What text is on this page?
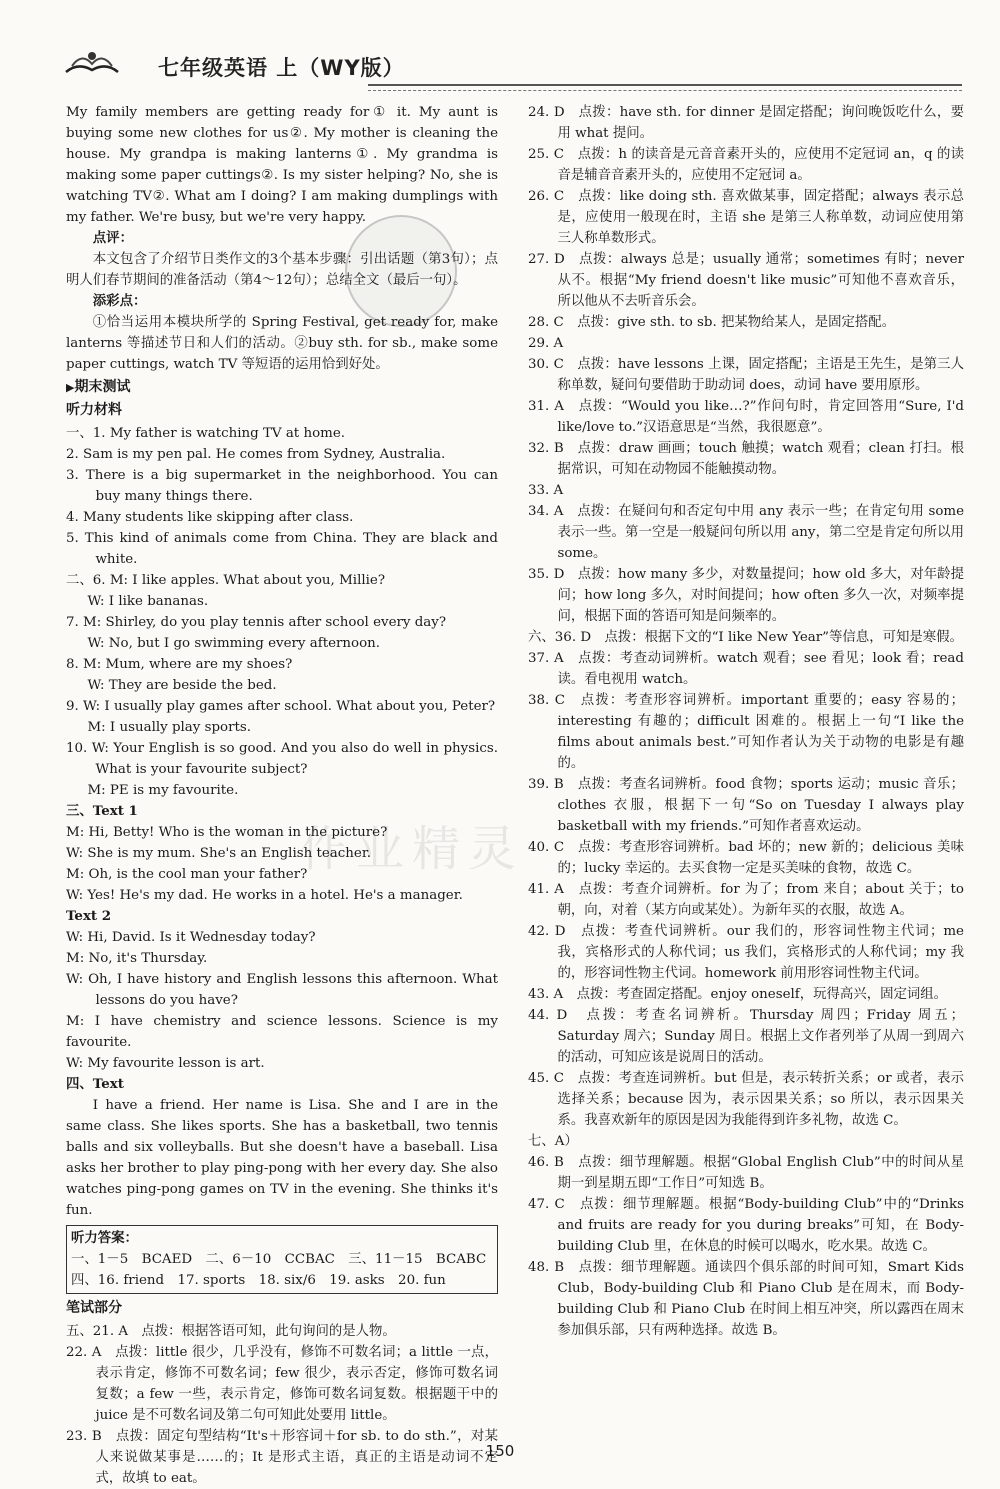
七年级英语 上（WY版）
作业精灵

My family members are getting ready for① it. My aunt is buying some new clothes for us②. My mother is cleaning the house. My grandpa is making lanterns①. My grandma is making some paper cuttings②. Is my sister helping? No, she is watching TV②. What am I doing? I am making dumplings with my father. We're busy, but we're very happy.

点评：

本文包含了介绍节日类作文的3个基本步骤：引出话题（第3句）；点明人们春节期间的准备活动（第4～12句）；总结全文（最后一句）。

添彩点：

①恰当运用本模块所学的 Spring Festival, get ready for, make lanterns 等描述节日和人们的活动。②buy sth. for sb., make some paper cuttings, watch TV 等短语的运用恰到好处。

▶期末测试
听力材料

一、1. My father is watching TV at home.

2. Sam is my pen pal. He comes from Sydney, Australia.

3. There is a big supermarket in the neighborhood. You can buy many things there.

4. Many students like skipping after class.

5. This kind of animals come from China. They are black and white.

二、6. M: I like apples. What about you, Millie?

W: I like bananas.

7. M: Shirley, do you play tennis after school every day?

W: No, but I go swimming every afternoon.

8. M: Mum, where are my shoes?

W: They are beside the bed.

9. W: I usually play games after school. What about you, Peter?

M: I usually play sports.

10. W: Your English is so good. And you also do well in physics. What is your favourite subject?

M: PE is my favourite.

三、Text 1

M: Hi, Betty! Who is the woman in the picture?

W: She is my mum. She's an English teacher.

M: Oh, is the cool man your father?

W: Yes! He's my dad. He works in a hotel. He's a manager.

Text 2

W: Hi, David. Is it Wednesday today?

M: No, it's Thursday.

W: Oh, I have history and English lessons this afternoon. What lessons do you have?

M: I have chemistry and science lessons. Science is my favourite.

W: My favourite lesson is art.

四、Text

I have a friend. Her name is Lisa. She and I are in the same class. She likes sports. She has a basketball, two tennis balls and six volleyballs. But she doesn't have a baseball. Lisa asks her brother to play ping-pong with her every day. She also watches ping-pong games on TV in the evening. She thinks it's fun.

听力答案：
一、1－5　BCAED　二、6－10　CCBAC　三、11－15　BCABC
四、16. friend　17. sports　18. six/6　19. asks　20. fun
笔试部分

五、21. A　点拨：根据答语可知，此句询问的是人物。

22. A　点拨：little 很少，几乎没有，修饰不可数名词；a little 一点，表示肯定，修饰不可数名词；few 很少，表示否定，修饰可数名词复数；a few 一些，表示肯定，修饰可数名词复数。根据题干中的 juice 是不可数名词及第二句可知此处要用 little。

23. B　点拨：固定句型结构“It's＋形容词＋for sb. to do sth.”，对某人来说做某事是……的；It 是形式主语，真正的主语是动词不定式，故填 to eat。

24. D　点拨：have sth. for dinner 是固定搭配；询问晚饭吃什么，要用 what 提问。

25. C　点拨：h 的读音是元音音素开头的，应使用不定冠词 an，q 的读音是辅音音素开头的，应使用不定冠词 a。

26. C　点拨：like doing sth. 喜欢做某事，固定搭配；always 表示总是，应使用一般现在时，主语 she 是第三人称单数，动词应使用第三人称单数形式。

27. D　点拨：always 总是；usually 通常；sometimes 有时；never 从不。根据“My friend doesn't like music”可知他不喜欢音乐，所以他从不去听音乐会。

28. C　点拨：give sth. to sb. 把某物给某人，是固定搭配。

29. A

30. C　点拨：have lessons 上课，固定搭配；主语是王先生，是第三人称单数，疑问句要借助于助动词 does，动词 have 要用原形。

31. A　点拨：“Would you like…?”作问句时，肯定回答用“Sure, I'd like/love to.”汉语意思是“当然，我很愿意”。

32. B　点拨：draw 画画；touch 触摸；watch 观看；clean 打扫。根据常识，可知在动物园不能触摸动物。

33. A

34. A　点拨：在疑问句和否定句中用 any 表示一些；在肯定句用 some 表示一些。第一空是一般疑问句所以用 any，第二空是肯定句所以用 some。

35. D　点拨：how many 多少，对数量提问；how old 多大，对年龄提问；how long 多久，对时间提问；how often 多久一次，对频率提问，根据下面的答语可知是问频率的。

六、36. D　点拨：根据下文的“I like New Year”等信息，可知是寒假。

37. A　点拨：考查动词辨析。watch 观看；see 看见；look 看；read 读。看电视用 watch。

38. C　点拨：考查形容词辨析。important 重要的；easy 容易的；interesting 有趣的；difficult 困难的。根据上一句“I like the films about animals best.”可知作者认为关于动物的电影是有趣的。

39. B　点拨：考查名词辨析。food 食物；sports 运动；music 音乐；clothes 衣服，根据下一句“So on Tuesday I always play basketball with my friends.”可知作者喜欢运动。

40. C　点拨：考查形容词辨析。bad 坏的；new 新的；delicious 美味的；lucky 幸运的。去买食物一定是买美味的食物，故选 C。

41. A　点拨：考查介词辨析。for 为了；from 来自；about 关于；to 朝，向，对着（某方向或某处）。为新年买的衣服，故选 A。

42. D　点拨：考查代词辨析。our 我们的，形容词性物主代词；me 我，宾格形式的人称代词；us 我们，宾格形式的人称代词；my 我的，形容词性物主代词。homework 前用形容词性物主代词。

43. A　点拨：考查固定搭配。enjoy oneself，玩得高兴，固定词组。

44. D　点拨：考查名词辨析。Thursday 周四；Friday 周五；Saturday 周六；Sunday 周日。根据上文作者列举了从周一到周六的活动，可知应该是说周日的活动。

45. C　点拨：考查连词辨析。but 但是，表示转折关系；or 或者，表示选择关系；because 因为，表示因果关系；so 所以，表示因果关系。我喜欢新年的原因是因为我能得到许多礼物，故选 C。

七、A）

46. B　点拨：细节理解题。根据“Global English Club”中的时间从星期一到星期五即“工作日”可知选 B。

47. C　点拨：细节理解题。根据“Body-building Club”中的“Drinks and fruits are ready for you during breaks”可知，在 Body-building Club 里，在休息的时候可以喝水，吃水果。故选 C。

48. B　点拨：细节理解题。通读四个俱乐部的时间可知，Smart Kids Club，Body-building Club 和 Piano Club 是在周末，而 Body-building Club 和 Piano Club 在时间上相互冲突，所以露西在周末参加俱乐部，只有两种选择。故选 B。

150
